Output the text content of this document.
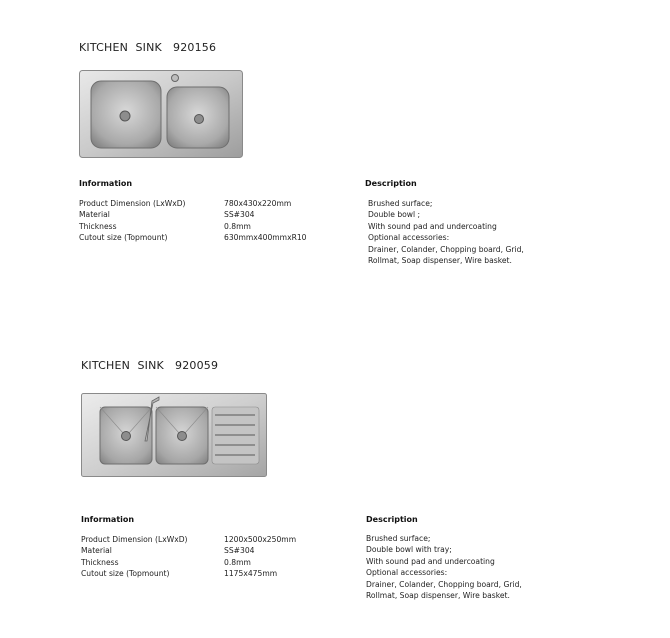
KITCHEN  SINK   920156
Information	Description
Product Dimension (LxWxD)
Material
Thickness
Cutout size (Topmount)
780x430x220mm
SS#304
0.8mm
630mmx400mmxR10
Brushed surface;
Double bowl ;
With sound pad and undercoating
Optional accessories:
Drainer, Colander, Chopping board, Grid,
Rollmat, Soap dispenser, Wire basket.
KITCHEN  SINK   920059
Information	Description
Product Dimension (LxWxD)
Material
Thickness
Cutout size (Topmount)
1200x500x250mm
SS#304
0.8mm
1175x475mm
Brushed surface;
Double bowl with tray;
With sound pad and undercoating
Optional accessories:
Drainer, Colander, Chopping board, Grid,
Rollmat, Soap dispenser, Wire basket.
